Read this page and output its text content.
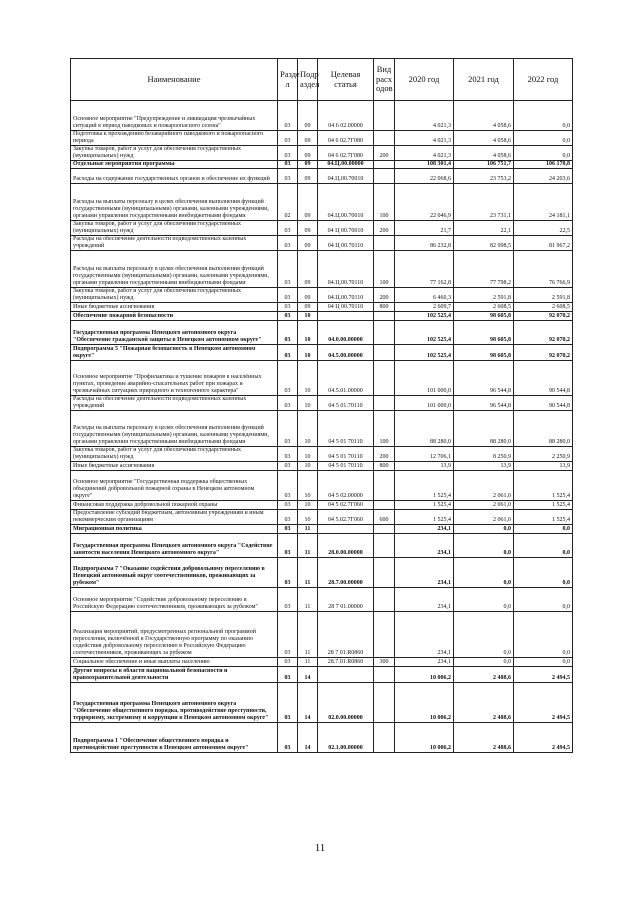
Наименование	Разде л	Подр аздел	Целевая статья	Вид расх одов	2020 год	2021 год	2022 год
Основное мероприятие "Предупреждение и ликвидация чрезвычайных ситуаций в период паводковых и пожароопасного сезона"	03	09	04 6 02.00000		4 021,3	4 058,6	0,0
Подготовка к прохождению безаварийного паводкового и пожароопасного периода	03	09	04 6 02.7Г080		4 021,3	4 058,6	0,0
Закупка товаров, работ и услуг для обеспечения государственных (муниципальных) нужд	03	09	04 6 02.7Г080	200	4 021,3	4 058,6	0,0
Отдельные мероприятия программы	03	09	04.Ц.00.00000		108 301,4	106 751,7	106 170,8
Расходы на содержание государственных органов и обеспечение их функций	03	09	04.Ц.00.70010		22 068,6	23 753,2	24 203,6
Расходы на выплаты персоналу в целях обеспечения выполнения функций государственными (муниципальными) органами, казенными учреждениями, органами управления государственными внебюджетными фондами	02	09	04.Ц.00.70010	100	22 046,9	23 731,1	24 181,1
Закупка товаров, работ и услуг для обеспечения государственных (муниципальных) нужд	03	09	04 Ц 00.70010	200	21,7	22,1	22,5
Расходы на обеспечение деятельности подведомственных казенных учреждений	03	09	04 Ц 00.70110		86 232,8	82 998,5	81 967,2
Расходы на выплаты персоналу в целях обеспечения выполнения функций государственными (муниципальными) органами, казенными учреждениями, органами управления государственными внебюджетными фондами	03	09	04.Ц.00.70110	100	77 162,8	77 798,2	76 766,9
Закупка товаров, работ и услуг для обеспечения государственных (муниципальных) нужд	03	09	04.Ц.00.70110	200	6 460,3	2 591,8	2 591,8
Иные бюджетные ассигнования	03	09	04 Ц 00.70110	800	2 609,7	2 608,5	2 608,5
Обеспечение пожарной безопасности	03	10			102 525,4	98 605,8	92 070,2
Государственная программа Ненецкого автономного округа "Обеспечение гражданской защиты в Ненецком автономном округе"	03	10	04.0.00.00000		102 525,4	98 605,8	92 070,2
Подпрограмма 5 "Пожарная безопасность в Ненецком автономном округе"	03	10	04.5.00.00000		102 525,4	98 605,8	92 070,2
Основное мероприятие "Профилактика и тушение пожаров в населённых пунктах, проведение аварийно-спасательных работ при пожарах и чрезвычайных ситуациях природного и техногенного характера"	03	10	04.5.01.00000		101 000,0	96 544,8	90 544,8
Расходы на обеспечение деятельности подведомственных казенных учреждений	03	10	04 5 01.70110		101 000,0	96 544,8	90 544,8
Расходы на выплаты персоналу в целях обеспечения выполнения функций государственными (муниципальными) органами, казенными учреждениями, органами управления государственными внебюджетными фондами	03	10	04 5 01 70110	100	88 280,0	88 280,0	88 280,0
Закупка товаров, работ и услуг для обеспечения государственных (муниципальных) нужд	03	10	04 5 01 70110	200	12 706,1	8 250,9	2 250,9
Иные бюджетные ассигнования	03	10	04 5 01 70110	800	13,9	13,9	13,9
Основное мероприятие "Государственная поддержка общественных объединений добровольной пожарной охраны в Ненецком автономном округе"	03	10	04 5 02.00000		1 525,4	2 061,0	1 525,4
Финансовая поддержка добровольной пожарной охраны	03	10	04 5 02.7Г060		1 525,4	2 061,0	1 525,4
Предоставление субсидий бюджетным, автономным учреждениям и иным некоммерческим организациям	03	10	04 5.02.7Г060	600	1 525,4	2 061,0	1 525,4
Миграционная политика	03	11			234,1	0,0	0,0
Государственная программа Ненецкого автономного округа "Содействие занятости населения Ненецкого автономного округа"	03	11	28.0.00.00000		234,1	0,0	0,0
Подпрограмма 7 "Оказание содействия добровольному переселению в Ненецкий автономный округ соотечественников, проживающих за рубежом"	03	11	28.7.00.00000		234,1	0,0	0,0
Основное мероприятие "Содействие добровольному переселению в Российскую Федерацию соотечественников, проживающих за рубежом"	03	11	28 7 01.00000		234,1	0,0	0,0
Реализация мероприятий, предусмотренных региональной программой переселения, включённой в Государственную программу по оказанию содействия добровольному переселению в Российскую Федерацию соотечественников, проживающих за рубежом	03	11	28 7 01.R0860		234,1	0,0	0,0
Социальное обеспечение и иные выплаты населению	03	11	28.7.01.R0860	300	234,1	0,0	0,0
Другие вопросы в области национальной безопасности и правоохранительной деятельности	03	14			10 006,2	2 488,6	2 494,5
Государственная программа Ненецкого автономного округа "Обеспечение общественного порядка, противодействие преступности, терроризму, экстремизму и коррупции в Ненецком автономном округе"	03	14	02.0.00.00000		10 006,2	2 488,6	2 494,5
Подпрограмма 1 "Обеспечение общественного порядка и противодействие преступности в Ненецком автономном округе"	03	14	02.1.00.00000		10 006,2	2 488,6	2 494,5
11
